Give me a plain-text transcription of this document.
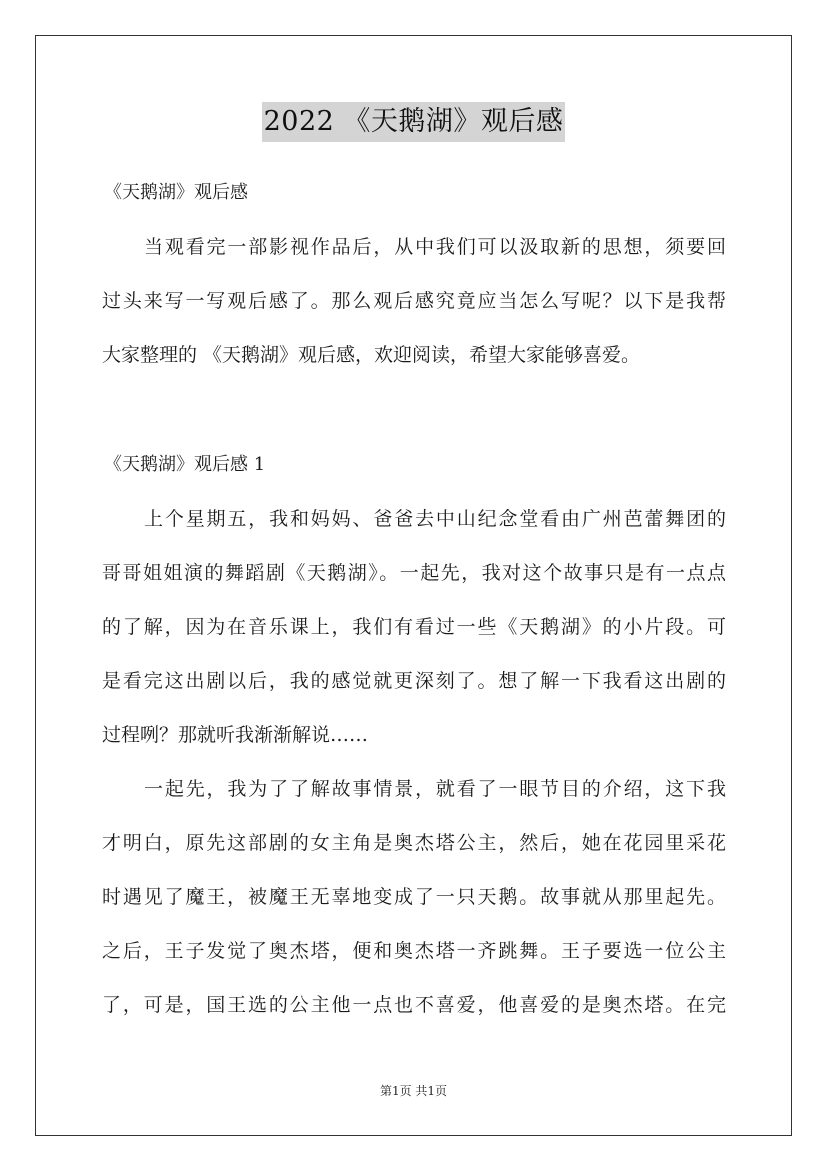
2022 《天鹅湖》观后感
《天鹅湖》观后感
当观看完一部影视作品后，从中我们可以汲取新的思想，须要回
过头来写一写观后感了。那么观后感究竟应当怎么写呢？以下是我帮
大家整理的 《天鹅湖》观后感，欢迎阅读，希望大家能够喜爱。
《天鹅湖》观后感 1
上个星期五，我和妈妈、爸爸去中山纪念堂看由广州芭蕾舞团的
哥哥姐姐演的舞蹈剧《天鹅湖》。一起先，我对这个故事只是有一点点
的了解，因为在音乐课上，我们有看过一些《天鹅湖》的小片段。可
是看完这出剧以后，我的感觉就更深刻了。想了解一下我看这出剧的
过程咧？那就听我渐渐解说……
一起先，我为了了解故事情景，就看了一眼节目的介绍，这下我
才明白，原先这部剧的女主角是奥杰塔公主，然后，她在花园里采花
时遇见了魔王，被魔王无辜地变成了一只天鹅。故事就从那里起先。
之后，王子发觉了奥杰塔，便和奥杰塔一齐跳舞。王子要选一位公主
了，可是，国王选的公主他一点也不喜爱，他喜爱的是奥杰塔。在完
第1页 共1页
